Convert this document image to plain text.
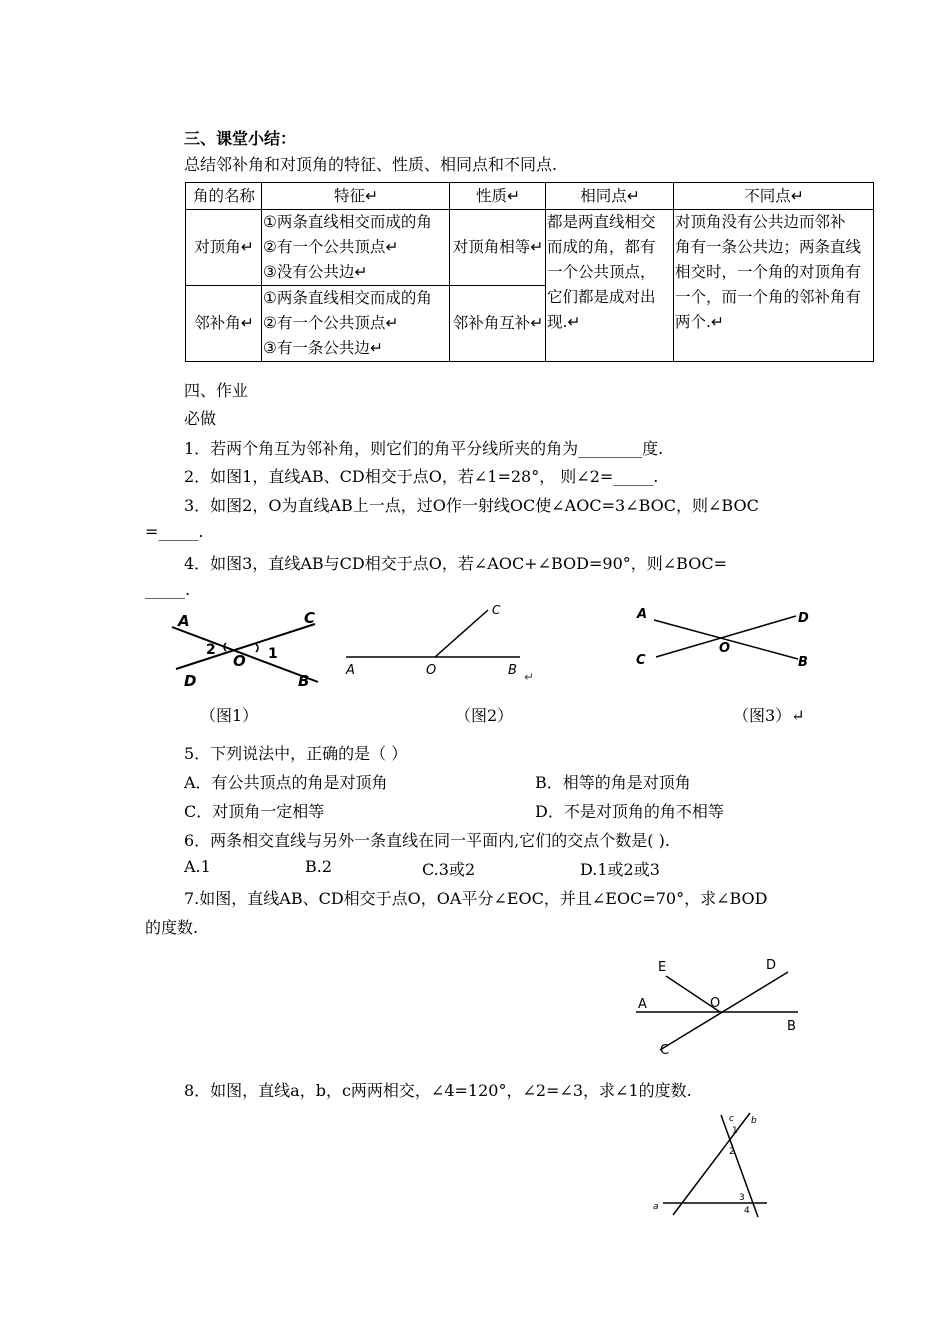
三、课堂小结：
总结邻补角和对顶角的特征、性质、相同点和不同点.
角的名称	特征↵	性质↵	相同点↵	不同点↵
对顶角↵	①两条直线相交而成的角
②有一个公共顶点↵
③没有公共边↵	对顶角相等↵	都是两直线相交
而成的角，都有
一个公共顶点，
它们都是成对出
现.↵	对顶角没有公共边而邻补
角有一条公共边；两条直线
相交时，一个角的对顶角有
一个，而一个角的邻补角有
两个.↵

邻补角↵	①两条直线相交而成的角
②有一个公共顶点↵
③有一条公共边↵	邻补角互补↵		
四、作业
必做
1．若两个角互为邻补角，则它们的角平分线所夹的角为________度.
2．如图1，直线AB、CD相交于点O，若∠1=28°， 则∠2=_____.
3．如图2，O为直线AB上一点，过O作一射线OC使∠AOC=3∠BOC，则∠BOC
=_____.
4．如图3，直线AB与CD相交于点O，若∠AOC+∠BOD=90°，则∠BOC=
_____.
A	C
D	B
O 1
2
（图1）
A	O	B ↵
C
（图2）
A	D
C	B
O
（图3）↵
5．下列说法中，正确的是（ ）
A．有公共顶点的角是对顶角	B．相等的角是对顶角
C．对顶角一定相等	D．不是对顶角的角不相等
6．两条相交直线与另外一条直线在同一平面内,它们的交点个数是( ).
A.1	B.2	C.3或2	D.1或2或3
7.如图，直线AB、CD相交于点O，OA平分∠EOC，并且∠EOC=70°，求∠BOD
的度数.
E	D
A	O
B
C
8．如图，直线a，b，c两两相交，∠4=120°，∠2=∠3，求∠1的度数.
c b
a
1
2
3
4
